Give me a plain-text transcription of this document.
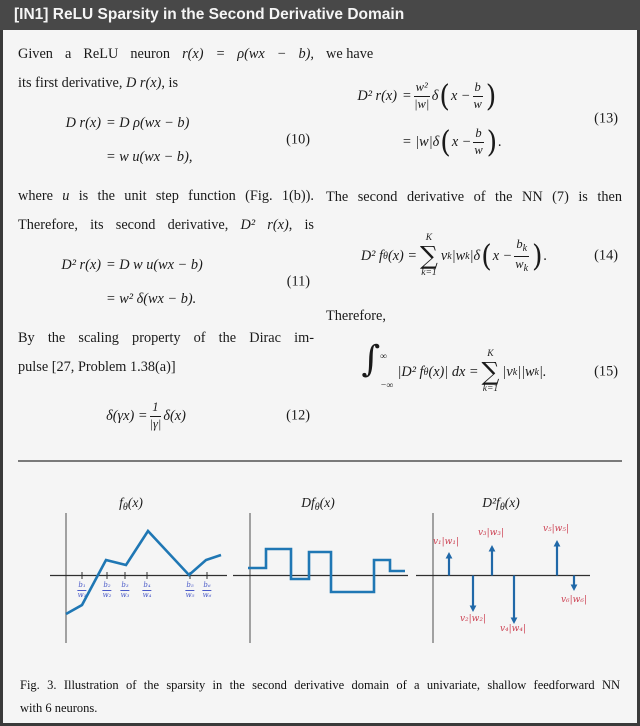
[IN1] ReLU Sparsity in the Second Derivative Domain
Given a ReLU neuron r(x) = ρ(wx − b),
its first derivative, D r(x), is
D r(x) = D ρ(wx − b)
= w u(wx − b),
(10)
where u is the unit step function (Fig. 1(b)).
Therefore, its second derivative, D² r(x), is
D² r(x) = D w u(wx − b)
= w² δ(wx − b).
(11)
By the scaling property of the Dirac im-
pulse [27, Problem 1.38(a)]
$\delta(\gamma x) = \frac{1}{|\gamma|} \delta(x)$	(12)
we have
D² $r(x) = \frac{\text{w²}}{|w|}$ δ ( $x - \frac{b}{w}$ )
= |w|δ ( $x - \frac{b}{w}$ ) .
(13)
The second derivative of the NN (7) is then
D² f θ (x) =
K
∑
k=1
v k |w k |δ ( $x - \frac{b_k}{w_k}$ ) .	(14)
Therefore,
∫ ∞
−∞
|D² f θ (x)| dx =
K
∑
k=1
|v k ||w k |.	(15)
b₁
w₁
b₂
w₂
b₃
w₃
b₄
w₄
b₅
w₅
b₆
w₆
$f_\theta(x)$	$Df_\theta(x)$
v₁|w₁|
v₂|w₂|
v₃|w₃|
v₄|w₄|
v₅|w₅|
v₆|w₆|
$D^2f_\theta(x)$
Fig. 3. Illustration of the sparsity in the second derivative domain of a univariate, shallow feedforward NN
with 6 neurons.
